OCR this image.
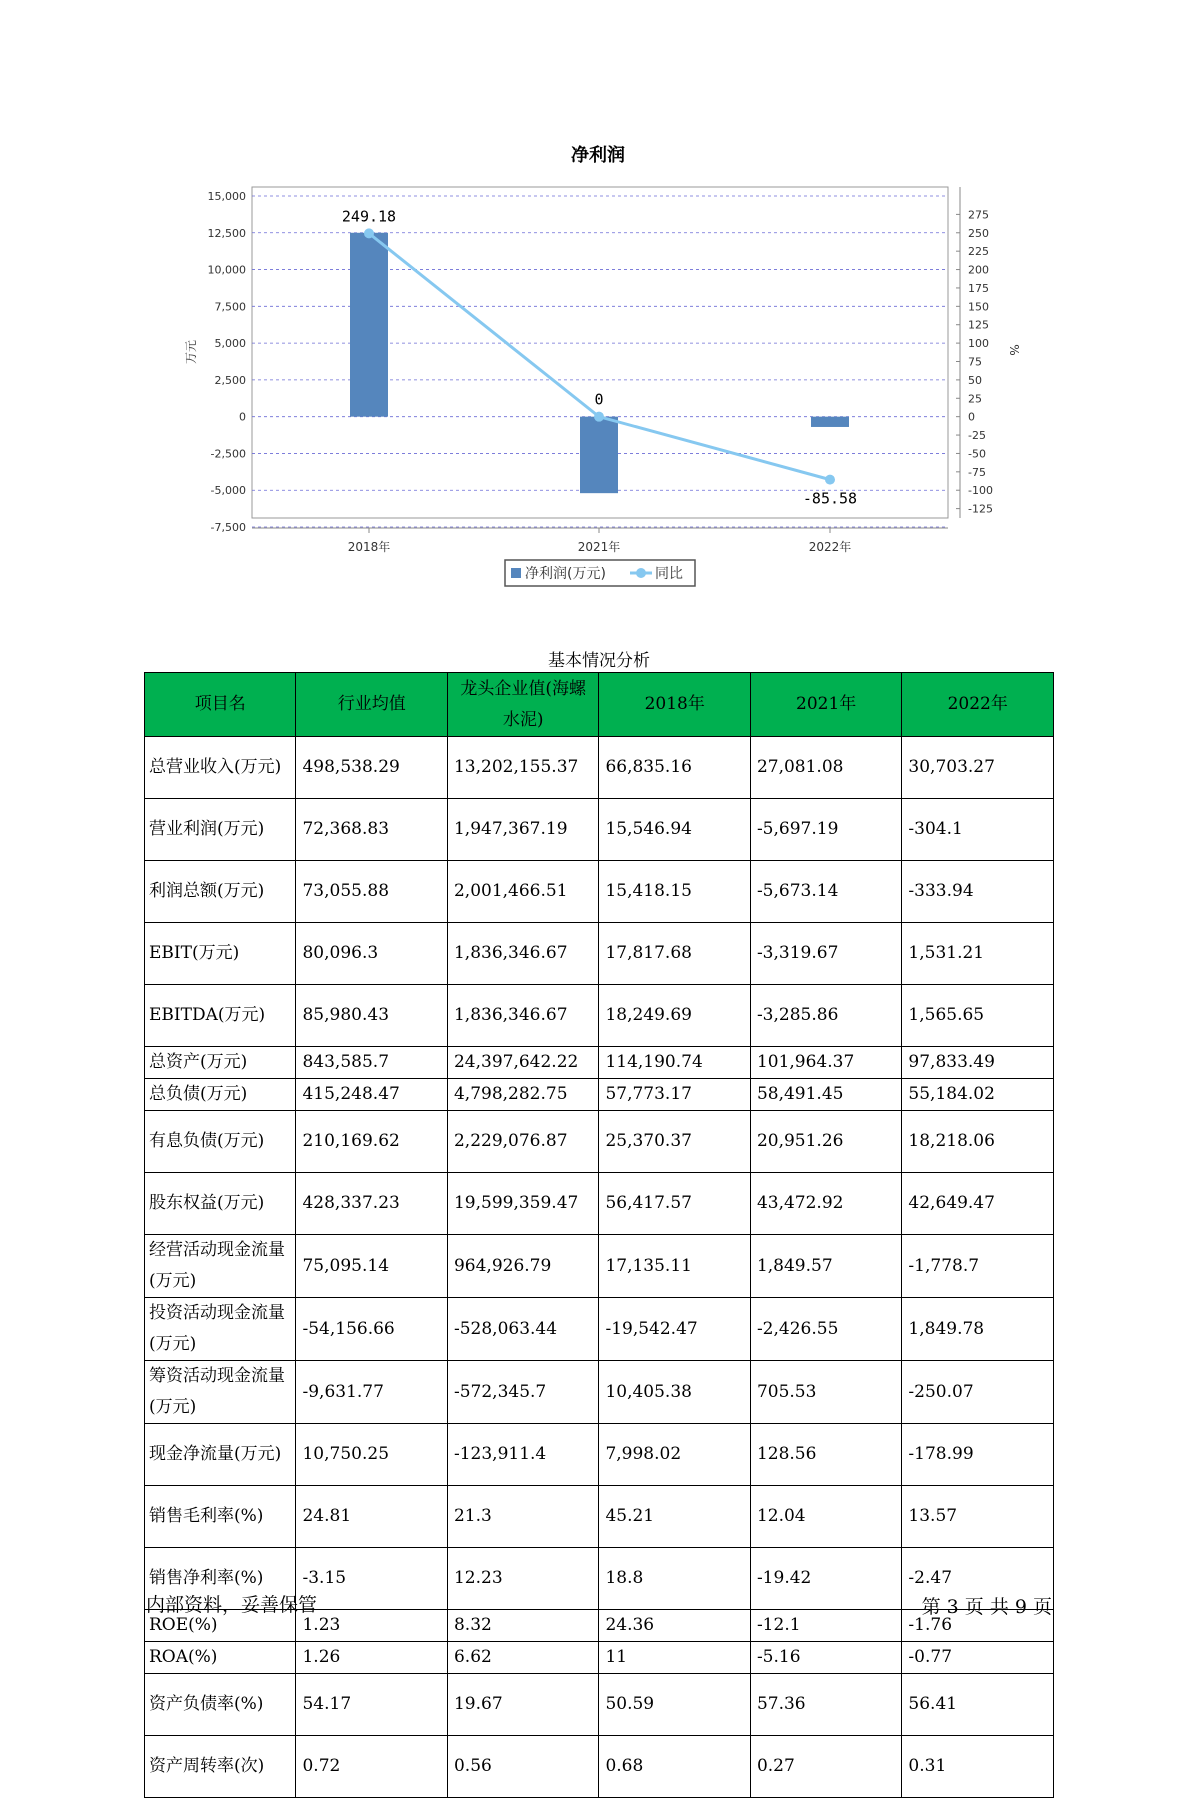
净利润
15,000
12,500
10,000
7,500
5,000
2,500
0
-2,500
-5,000
-7,500
275
250
225
200
175
150
125
100
75
50
25
0
-25
-50
-75
-100
-125
万元	%
2018年	2021年	2022年
249.18
0
-85.58
净利润(万元)	同比
基本情况分析
项目名	行业均值	龙头企业值(海螺水泥)	2018年	2021年	2022年
总营业收入(万元)	498,538.29	13,202,155.37	66,835.16	27,081.08	30,703.27
营业利润(万元)	72,368.83	1,947,367.19	15,546.94	-5,697.19	-304.1
利润总额(万元)	73,055.88	2,001,466.51	15,418.15	-5,673.14	-333.94
EBIT(万元)	80,096.3	1,836,346.67	17,817.68	-3,319.67	1,531.21
EBITDA(万元)	85,980.43	1,836,346.67	18,249.69	-3,285.86	1,565.65
总资产(万元)	843,585.7	24,397,642.22	114,190.74	101,964.37	97,833.49
总负债(万元)	415,248.47	4,798,282.75	57,773.17	58,491.45	55,184.02
有息负债(万元)	210,169.62	2,229,076.87	25,370.37	20,951.26	18,218.06
股东权益(万元)	428,337.23	19,599,359.47	56,417.57	43,472.92	42,649.47
经营活动现金流量(万元)	75,095.14	964,926.79	17,135.11	1,849.57	-1,778.7
投资活动现金流量(万元)	-54,156.66	-528,063.44	-19,542.47	-2,426.55	1,849.78
筹资活动现金流量(万元)	-9,631.77	-572,345.7	10,405.38	705.53	-250.07
现金净流量(万元)	10,750.25	-123,911.4	7,998.02	128.56	-178.99
销售毛利率(%)	24.81	21.3	45.21	12.04	13.57
销售净利率(%)	-3.15	12.23	18.8	-19.42	-2.47
ROE(%)	1.23	8.32	24.36	-12.1	-1.76
ROA(%)	1.26	6.62	11	-5.16	-0.77
资产负债率(%)	54.17	19.67	50.59	57.36	56.41
资产周转率(次)	0.72	0.56	0.68	0.27	0.31
内部资料，妥善保管	第 3 页 共 9 页
